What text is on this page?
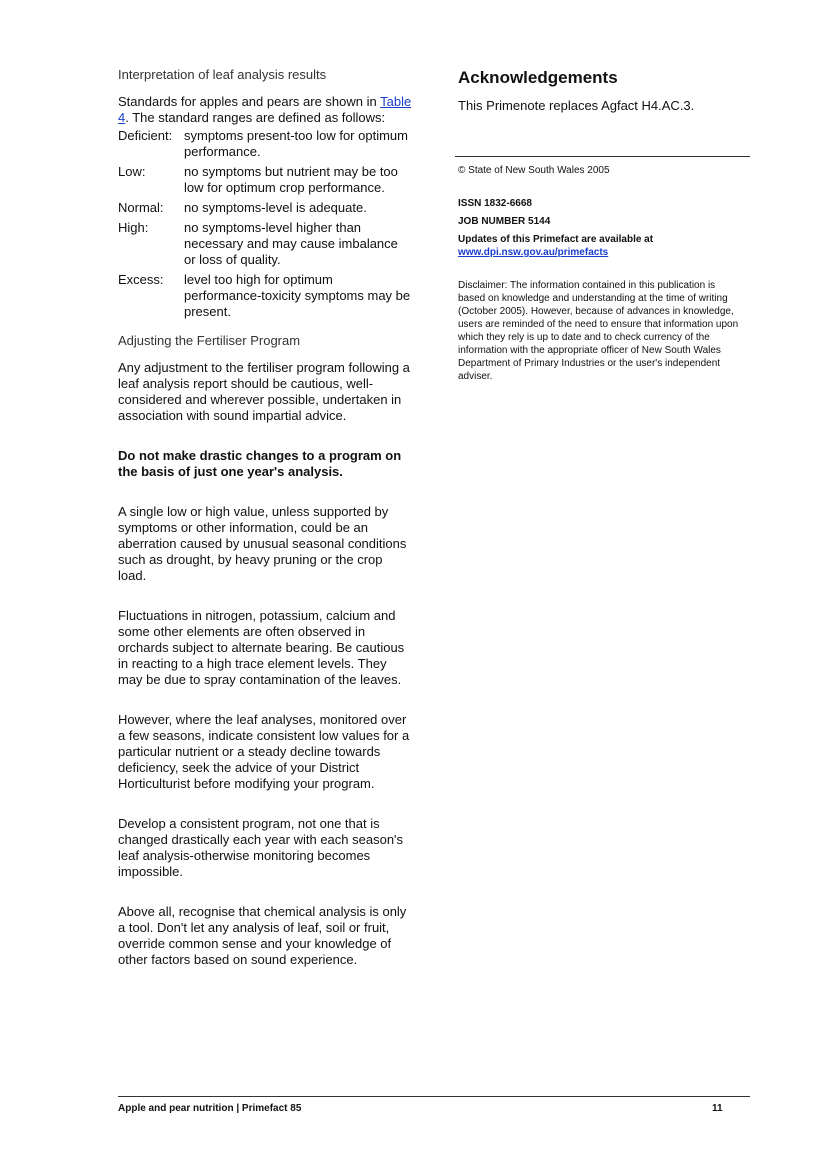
Interpretation of leaf analysis results

Standards for apples and pears are shown in Table 4. The standard ranges are defined as follows:

Deficient: symptoms present-too low for optimum performance.
Low:	no symptoms but nutrient may be too low for optimum crop performance.
Normal:	no symptoms-level is adequate.
High:	no symptoms-level higher than necessary and may cause imbalance or loss of quality.
Excess:	level too high for optimum performance-toxicity symptoms may be present.

Adjusting the Fertiliser Program

Any adjustment to the fertiliser program following a leaf analysis report should be cautious, well-considered and wherever possible, undertaken in association with sound impartial advice.

Do not make drastic changes to a program on the basis of just one year's analysis.

A single low or high value, unless supported by symptoms or other information, could be an aberration caused by unusual seasonal conditions such as drought, by heavy pruning or the crop load.

Fluctuations in nitrogen, potassium, calcium and some other elements are often observed in orchards subject to alternate bearing. Be cautious in reacting to a high trace element levels. They may be due to spray contamination of the leaves.

However, where the leaf analyses, monitored over a few seasons, indicate consistent low values for a particular nutrient or a steady decline towards deficiency, seek the advice of your District Horticulturist before modifying your program.

Develop a consistent program, not one that is changed drastically each year with each season's leaf analysis-otherwise monitoring becomes impossible.

Above all, recognise that chemical analysis is only a tool. Don't let any analysis of leaf, soil or fruit, override common sense and your knowledge of other factors based on sound experience.

Acknowledgements

This Primenote replaces Agfact H4.AC.3.

© State of New South Wales 2005

ISSN 1832-6668

JOB NUMBER 5144

Updates of this Primefact are available at

www.dpi.nsw.gov.au/primefacts

Disclaimer: The information contained in this publication is based on knowledge and understanding at the time of writing (October 2005). However, because of advances in knowledge, users are reminded of the need to ensure that information upon which they rely is up to date and to check currency of the information with the appropriate officer of New South Wales Department of Primary Industries or the user's independent adviser.

Apple and pear nutrition | Primefact 85	11
